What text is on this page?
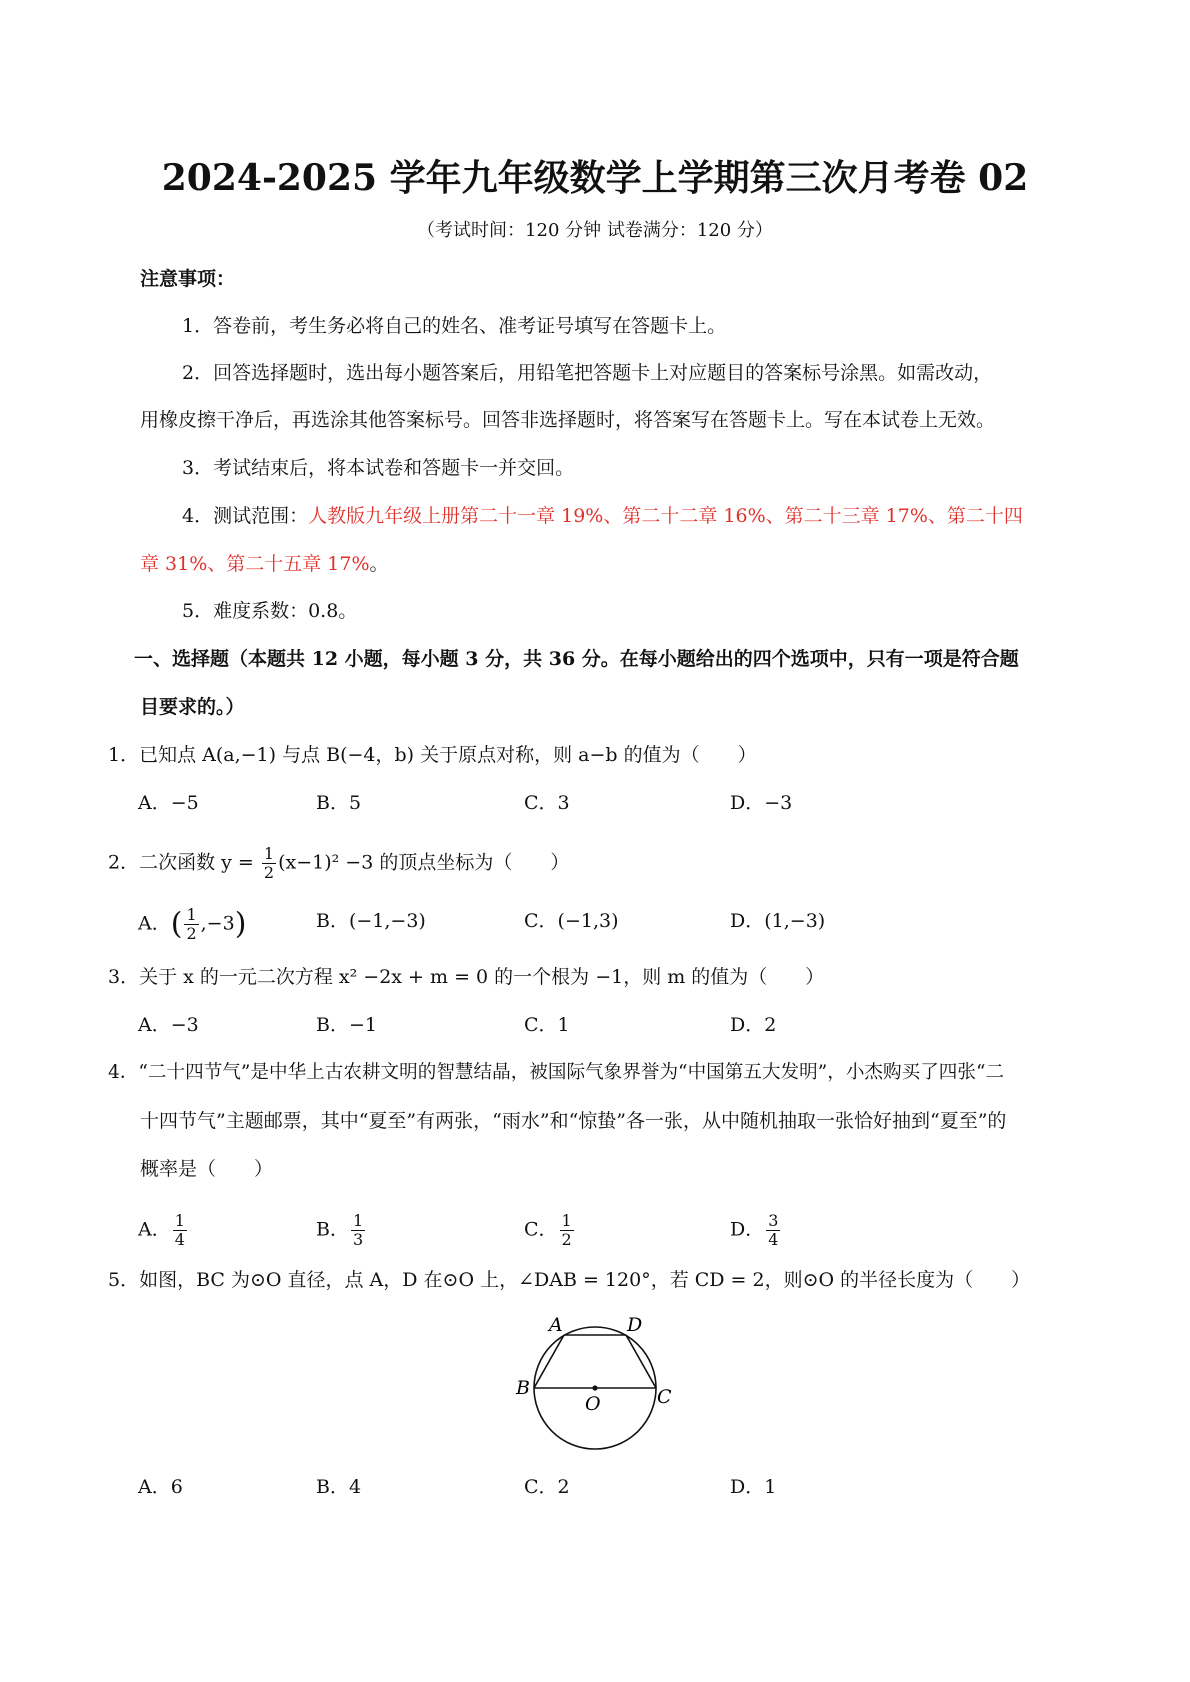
2024-2025 学年九年级数学上学期第三次月考卷 02
（考试时间：120 分钟 试卷满分：120 分）
注意事项：
1．答卷前，考生务必将自己的姓名、准考证号填写在答题卡上。
2．回答选择题时，选出每小题答案后，用铅笔把答题卡上对应题目的答案标号涂黑。如需改动，
用橡皮擦干净后，再选涂其他答案标号。回答非选择题时，将答案写在答题卡上。写在本试卷上无效。
3．考试结束后，将本试卷和答题卡一并交回。
4．测试范围：人教版九年级上册第二十一章 19%、第二十二章 16%、第二十三章 17%、第二十四
章 31%、第二十五章 17%。
5．难度系数：0.8。
一、选择题（本题共 12 小题，每小题 3 分，共 36 分。在每小题给出的四个选项中，只有一项是符合题
目要求的。）
1．已知点 A(a,−1) 与点 B(−4，b) 关于原点对称，则 a−b 的值为（　　）
A．−5	B．5	C．3	D．−3
2．二次函数 $y = \frac{1}{2} (x-1)^2 -3$ 的顶点坐标为（　　）
A．( $\frac{1}{2} ,-3$)	B．(−1,−3)	C．(−1,3)	D．(1,−3)
3．关于 x 的一元二次方程 x² −2x + m = 0 的一个根为 −1，则 m 的值为（　　）
A．−3	B．−1	C．1	D．2
4．“二十四节气”是中华上古农耕文明的智慧结晶，被国际气象界誉为“中国第五大发明”，小杰购买了四张“二
十四节气”主题邮票，其中“夏至”有两张，“雨水”和“惊蛰”各一张，从中随机抽取一张恰好抽到“夏至”的
概率是（　　）
A． $\frac{1}{4}$	B． $\frac{1}{3}$	C． $\frac{1}{2}$	D． $\frac{3}{4}$
5．如图，BC 为⊙O 直径，点 A，D 在⊙O 上，∠DAB = 120°，若 CD = 2，则⊙O 的半径长度为（　　）
A	D
B
O	C
A．6	B．4	C．2	D．1
